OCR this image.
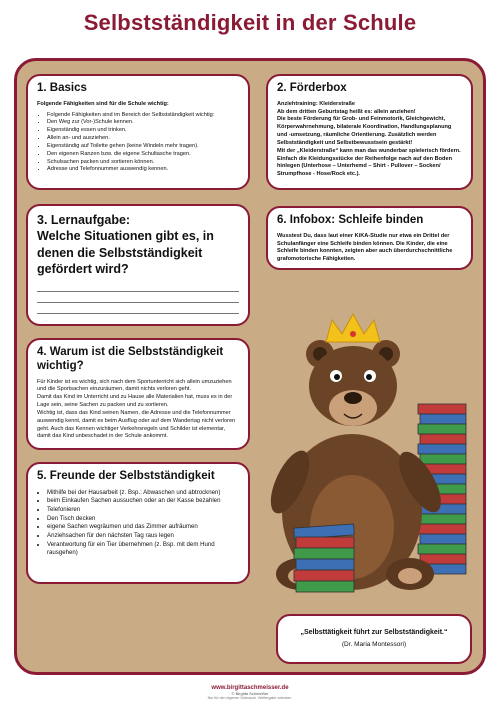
Selbstständigkeit in der Schule
1. Basics

Folgende Fähigkeiten sind für die Schule wichtig:

• Folgende Fähigkeiten sind im Bereich der Selbstständigkeit wichtig:
• Den Weg zur (Vor-)Schule kennen.
• Eigenständig essen und trinken.
• Allein an- und ausziehen.
• Eigenständig auf Toilette gehen (keine Windeln mehr tragen).
• Den eigenen Ranzen bzw. die eigene Schultasche tragen.
• Schulsachen packen und sortieren können.
• Adresse und Telefonnummer auswendig kennen.
2. Förderbox

Anziehtraining: Kleiderstraße

Ab dem dritten Geburtstag heißt es: allein anziehen!

Die beste Förderung für Grob- und Feinmotorik, Gleichgewicht, Körperwahrnehmung, bilaterale Koordination, Handlungsplanung und -umsetzung, räumliche Orientierung. Zusätzlich werden Selbstständigkeit und Selbstbewusstsein gestärkt!

Mit der „Kleiderstraße“ kann man das wunderbar spielerisch fördern. Einfach die Kleidungsstücke der Reihenfolge nach auf den Boden hinlegen (Unterhose – Unterhemd – Shirt - Pullover – Socken/ Strumpfhose - Hose/Rock etc.).

3. Lernaufgabe:
Welche Situationen gibt es, in denen die Selbstständigkeit gefördert wird?
6. Infobox: Schleife binden

Wusstest Du, dass laut einer KiKA-Studie nur etwa ein Drittel der Schulanfänger eine Schleife binden können. Die Kinder, die eine Schleife binden konnten, zeigten aber auch überdurchschnittliche grafomotorische Fähigkeiten.

4. Warum ist die Selbstständigkeit wichtig?

Für Kinder ist es wichtig, sich nach dem Sportunterricht sich allein umzuziehen und die Sportsachen einzuräumen, damit nichts verloren geht.

Damit das Kind im Unterricht und zu Hause alle Materialien hat, muss es in der Lage sein, seine Sachen zu packen und zu sortieren.

Wichtig ist, dass das Kind seinen Namen, die Adresse und die Telefonnummer auswendig kennt, damit es beim Ausflug oder auf dem Wandertag nicht verloren geht. Auch das Kennen wichtiger Verkehrsregeln und Schilder ist elementar, damit das Kind unbeschadet in der Schule ankommt.

5. Freunde der Selbstständigkeit
• Mithilfe bei der Hausarbeit (z. Bsp.: Abwaschen und abtrocknen)
• beim Einkaufen Sachen aussuchen oder an der Kasse bezahlen
• Telefonieren
• Den Tisch decken
• eigene Sachen wegräumen und das Zimmer aufräumen
• Anziehsachen für den nächsten Tag raus legen
• Verantwortung für ein Tier übernehmen (z. Bsp. mit dem Hund rausgehen)

„Selbsttätigkeit führt zur Selbstständigkeit.“

(Dr. Maria Montessori)

www.birgittaschmeisser.de
© Birgitta Schmeißer
Nur für den eigenen Gebrauch. Weitergabe verboten.
